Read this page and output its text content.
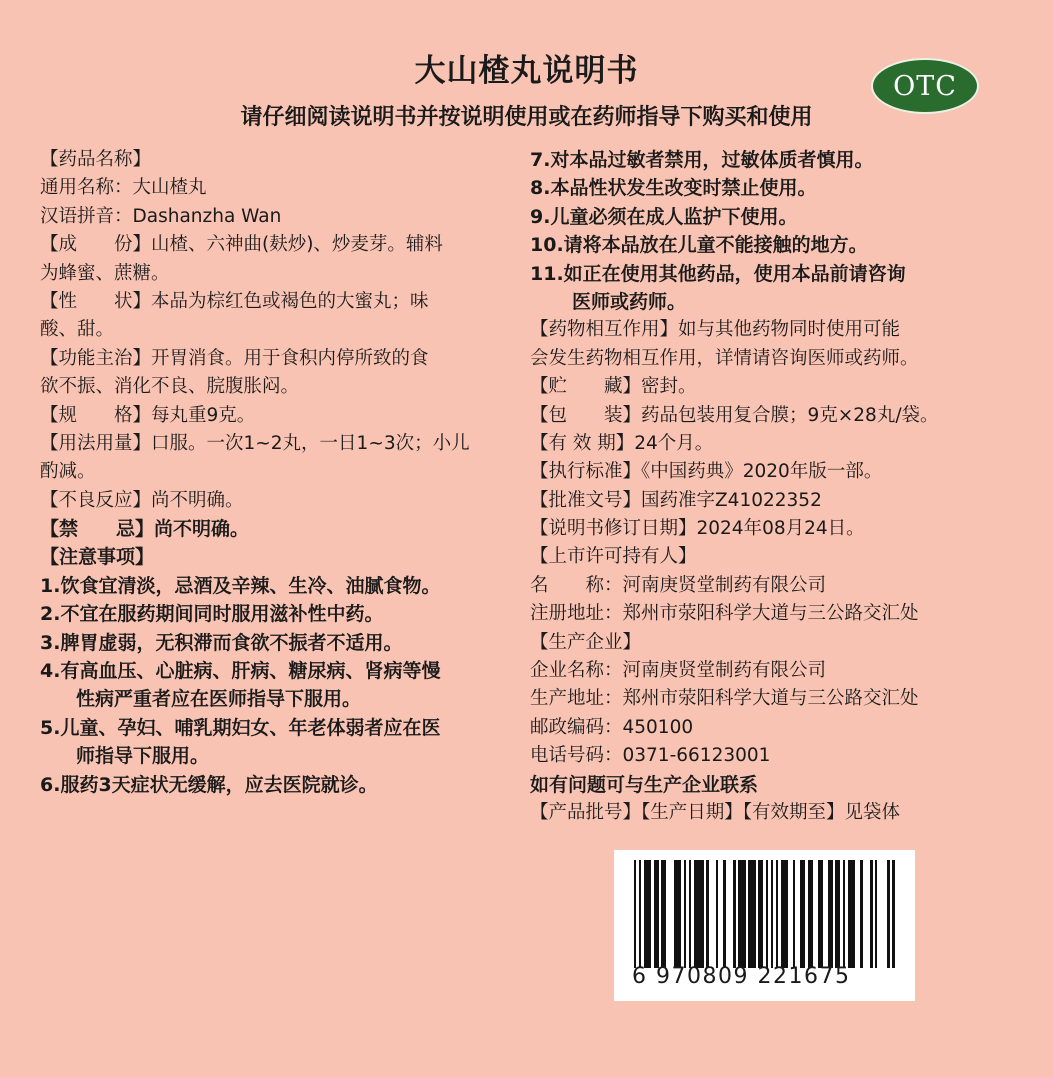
大山楂丸说明书
请仔细阅读说明书并按说明使用或在药师指导下购买和使用
OTC
【药品名称】
通用名称：大山楂丸
汉语拼音：Dashanzha Wan
【成　　份】山楂、六神曲(麸炒)、炒麦芽。辅料
为蜂蜜、蔗糖。
【性　　状】本品为棕红色或褐色的大蜜丸；味
酸、甜。
【功能主治】开胃消食。用于食积内停所致的食
欲不振、消化不良、脘腹胀闷。
【规　　格】每丸重9克。
【用法用量】口服。一次1~2丸，一日1~3次；小儿
酌减。
【不良反应】尚不明确。
【禁　　忌】尚不明确。
【注意事项】
1.饮食宜清淡，忌酒及辛辣、生冷、油腻食物。
2.不宜在服药期间同时服用滋补性中药。
3.脾胃虚弱，无积滞而食欲不振者不适用。
4.有高血压、心脏病、肝病、糖尿病、肾病等慢
性病严重者应在医师指导下服用。
5.儿童、孕妇、哺乳期妇女、年老体弱者应在医
师指导下服用。
6.服药3天症状无缓解，应去医院就诊。
7.对本品过敏者禁用，过敏体质者慎用。
8.本品性状发生改变时禁止使用。
9.儿童必须在成人监护下使用。
10.请将本品放在儿童不能接触的地方。
11.如正在使用其他药品，使用本品前请咨询
医师或药师。
【药物相互作用】如与其他药物同时使用可能
会发生药物相互作用，详情请咨询医师或药师。
【贮　　藏】密封。
【包　　装】药品包装用复合膜；9克×28丸/袋。
【有 效 期】24个月。
【执行标准】《中国药典》2020年版一部。
【批准文号】国药准字Z41022352
【说明书修订日期】2024年08月24日。
【上市许可持有人】
名　　称：河南庚贤堂制药有限公司
注册地址：郑州市荥阳科学大道与三公路交汇处
【生产企业】
企业名称：河南庚贤堂制药有限公司
生产地址：郑州市荥阳科学大道与三公路交汇处
邮政编码：450100
电话号码：0371-66123001
如有问题可与生产企业联系
【产品批号】【生产日期】【有效期至】见袋体
6 970809 221675
